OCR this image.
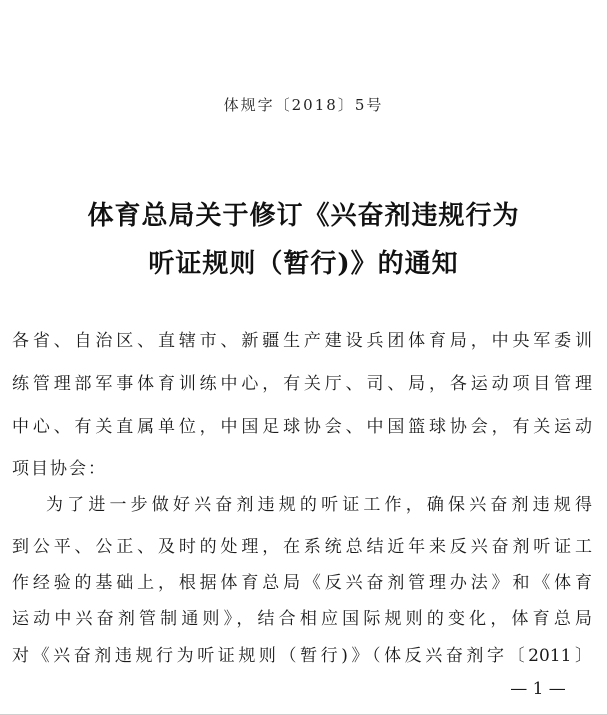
体规字〔2018〕5号
体育总局关于修订《兴奋剂违规行为
听证规则（暂行)》的通知
各省、自治区、直辖市、新疆生产建设兵团体育局，中央军委训
练管理部军事体育训练中心，有关厅、司、局，各运动项目管理
中心、有关直属单位，中国足球协会、中国篮球协会，有关运动
项目协会：
为了进一步做好兴奋剂违规的听证工作，确保兴奋剂违规得
到公平、公正、及时的处理，在系统总结近年来反兴奋剂听证工
作经验的基础上，根据体育总局《反兴奋剂管理办法》和《体育
运动中兴奋剂管制通则》，结合相应国际规则的变化，体育总局
对《兴奋剂违规行为听证规则（暂行)》（体反兴奋剂字〔2011〕
— 1 —
